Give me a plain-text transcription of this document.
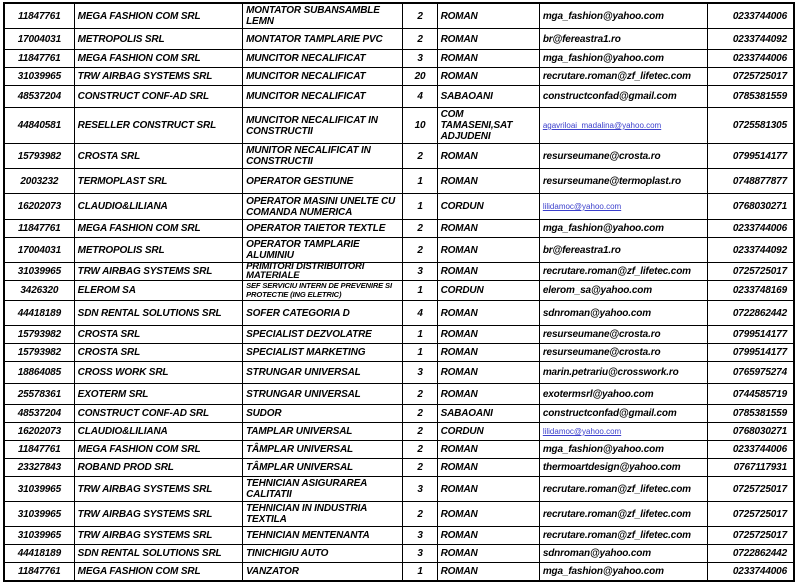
11847761	MEGA FASHION COM SRL	MONTATOR SUBANSAMBLE LEMN	2	ROMAN	mga_fashion@yahoo.com	0233744006
17004031	METROPOLIS SRL	MONTATOR TAMPLARIE PVC	2	ROMAN	br@fereastra1.ro	0233744092
11847761	MEGA FASHION COM SRL	MUNCITOR NECALIFICAT	3	ROMAN	mga_fashion@yahoo.com	0233744006
31039965	TRW AIRBAG SYSTEMS SRL	MUNCITOR NECALIFICAT	20	ROMAN	recrutare.roman@zf_lifetec.com	0725725017
48537204	CONSTRUCT CONF-AD SRL	MUNCITOR NECALIFICAT	4	SABAOANI	constructconfad@gmail.com	0785381559
44840581	RESELLER CONSTRUCT SRL	MUNCITOR NECALIFICAT IN CONSTRUCTII	10	COM TAMASENI,SAT ADJUDENI	agavriloai_madalina@yahoo.com	0725581305
15793982	CROSTA SRL	MUNITOR NECALIFICAT IN CONSTRUCTII	2	ROMAN	resurseumane@crosta.ro	0799514177
2003232	TERMOPLAST SRL	OPERATOR GESTIUNE	1	ROMAN	resurseumane@termoplast.ro	0748877877
16202073	CLAUDIO&LILIANA	OPERATOR MASINI UNELTE CU COMANDA NUMERICA	1	CORDUN	lilidamoc@yahoo.com	0768030271
11847761	MEGA FASHION COM SRL	OPERATOR TAIETOR TEXTLE	2	ROMAN	mga_fashion@yahoo.com	0233744006
17004031	METROPOLIS SRL	OPERATOR TAMPLARIE ALUMINIU	2	ROMAN	br@fereastra1.ro	0233744092
31039965	TRW AIRBAG SYSTEMS SRL	PRIMITORI DISTRIBUITORI MATERIALE	3	ROMAN	recrutare.roman@zf_lifetec.com	0725725017
3426320	ELEROM SA	SEF SERVICIU INTERN DE PREVENIRE SI PROTECTIE (ING ELETRIC)	1	CORDUN	elerom_sa@yahoo.com	0233748169
44418189	SDN RENTAL SOLUTIONS SRL	SOFER CATEGORIA D	4	ROMAN	sdnroman@yahoo.com	0722862442
15793982	CROSTA SRL	SPECIALIST DEZVOLATRE	1	ROMAN	resurseumane@crosta.ro	0799514177
15793982	CROSTA SRL	SPECIALIST MARKETING	1	ROMAN	resurseumane@crosta.ro	0799514177
18864085	CROSS WORK SRL	STRUNGAR UNIVERSAL	3	ROMAN	marin.petrariu@crosswork.ro	0765975274
25578361	EXOTERM SRL	STRUNGAR UNIVERSAL	2	ROMAN	exotermsrl@yahoo.com	0744585719
48537204	CONSTRUCT CONF-AD SRL	SUDOR	2	SABAOANI	constructconfad@gmail.com	0785381559
16202073	CLAUDIO&LILIANA	TAMPLAR UNIVERSAL	2	CORDUN	lilidamoc@yahoo.com	0768030271
11847761	MEGA FASHION COM SRL	TÂMPLAR UNIVERSAL	2	ROMAN	mga_fashion@yahoo.com	0233744006
23327843	ROBAND PROD SRL	TÂMPLAR UNIVERSAL	2	ROMAN	thermoartdesign@yahoo.com	0767117931
31039965	TRW AIRBAG SYSTEMS SRL	TEHNICIAN ASIGURAREA CALITATII	3	ROMAN	recrutare.roman@zf_lifetec.com	0725725017
31039965	TRW AIRBAG SYSTEMS SRL	TEHNICIAN IN INDUSTRIA TEXTILA	2	ROMAN	recrutare.roman@zf_lifetec.com	0725725017
31039965	TRW AIRBAG SYSTEMS SRL	TEHNICIAN MENTENANTA	3	ROMAN	recrutare.roman@zf_lifetec.com	0725725017
44418189	SDN RENTAL SOLUTIONS SRL	TINICHIGIU AUTO	3	ROMAN	sdnroman@yahoo.com	0722862442
11847761	MEGA FASHION COM SRL	VANZATOR	1	ROMAN	mga_fashion@yahoo.com	0233744006
